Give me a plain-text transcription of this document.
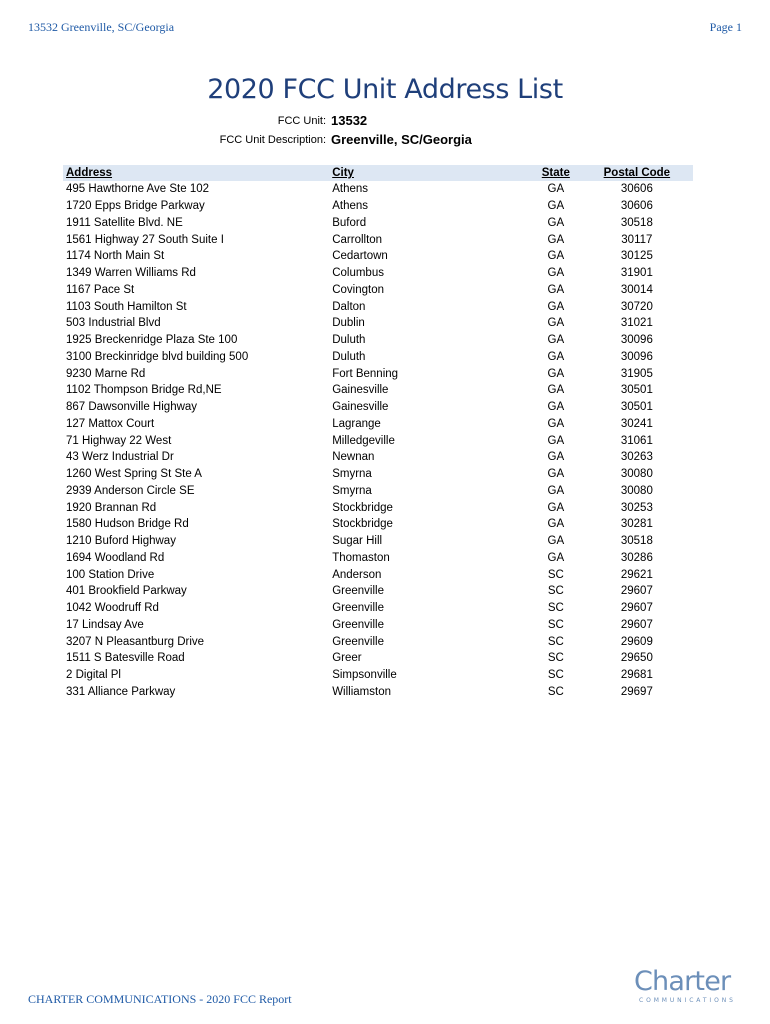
13532 Greenville, SC/Georgia	Page 1
2020 FCC Unit Address List
FCC Unit: 13532
FCC Unit Description: Greenville, SC/Georgia
Address	City	State	Postal Code
495 Hawthorne Ave Ste 102	Athens	GA	30606
1720 Epps Bridge Parkway	Athens	GA	30606
1911 Satellite Blvd. NE	Buford	GA	30518
1561 Highway 27 South Suite I	Carrollton	GA	30117
1174 North Main St	Cedartown	GA	30125
1349 Warren Williams Rd	Columbus	GA	31901
1167 Pace St	Covington	GA	30014
1103 South Hamilton St	Dalton	GA	30720
503 Industrial Blvd	Dublin	GA	31021
1925 Breckenridge Plaza Ste 100	Duluth	GA	30096
3100 Breckinridge blvd building 500	Duluth	GA	30096
9230 Marne Rd	Fort Benning	GA	31905
1102 Thompson Bridge Rd,NE	Gainesville	GA	30501
867 Dawsonville Highway	Gainesville	GA	30501
127 Mattox Court	Lagrange	GA	30241
71 Highway 22 West	Milledgeville	GA	31061
43 Werz Industrial Dr	Newnan	GA	30263
1260 West Spring St Ste A	Smyrna	GA	30080
2939 Anderson Circle SE	Smyrna	GA	30080
1920 Brannan Rd	Stockbridge	GA	30253
1580 Hudson Bridge Rd	Stockbridge	GA	30281
1210 Buford Highway	Sugar Hill	GA	30518
1694 Woodland Rd	Thomaston	GA	30286
100 Station Drive	Anderson	SC	29621
401 Brookfield Parkway	Greenville	SC	29607
1042 Woodruff Rd	Greenville	SC	29607
17 Lindsay Ave	Greenville	SC	29607
3207 N Pleasantburg Drive	Greenville	SC	29609
1511 S Batesville Road	Greer	SC	29650
2 Digital Pl	Simpsonville	SC	29681
331 Alliance Parkway	Williamston	SC	29697
CHARTER COMMUNICATIONS - 2020 FCC Report
Charter
COMMUNICATIONS
